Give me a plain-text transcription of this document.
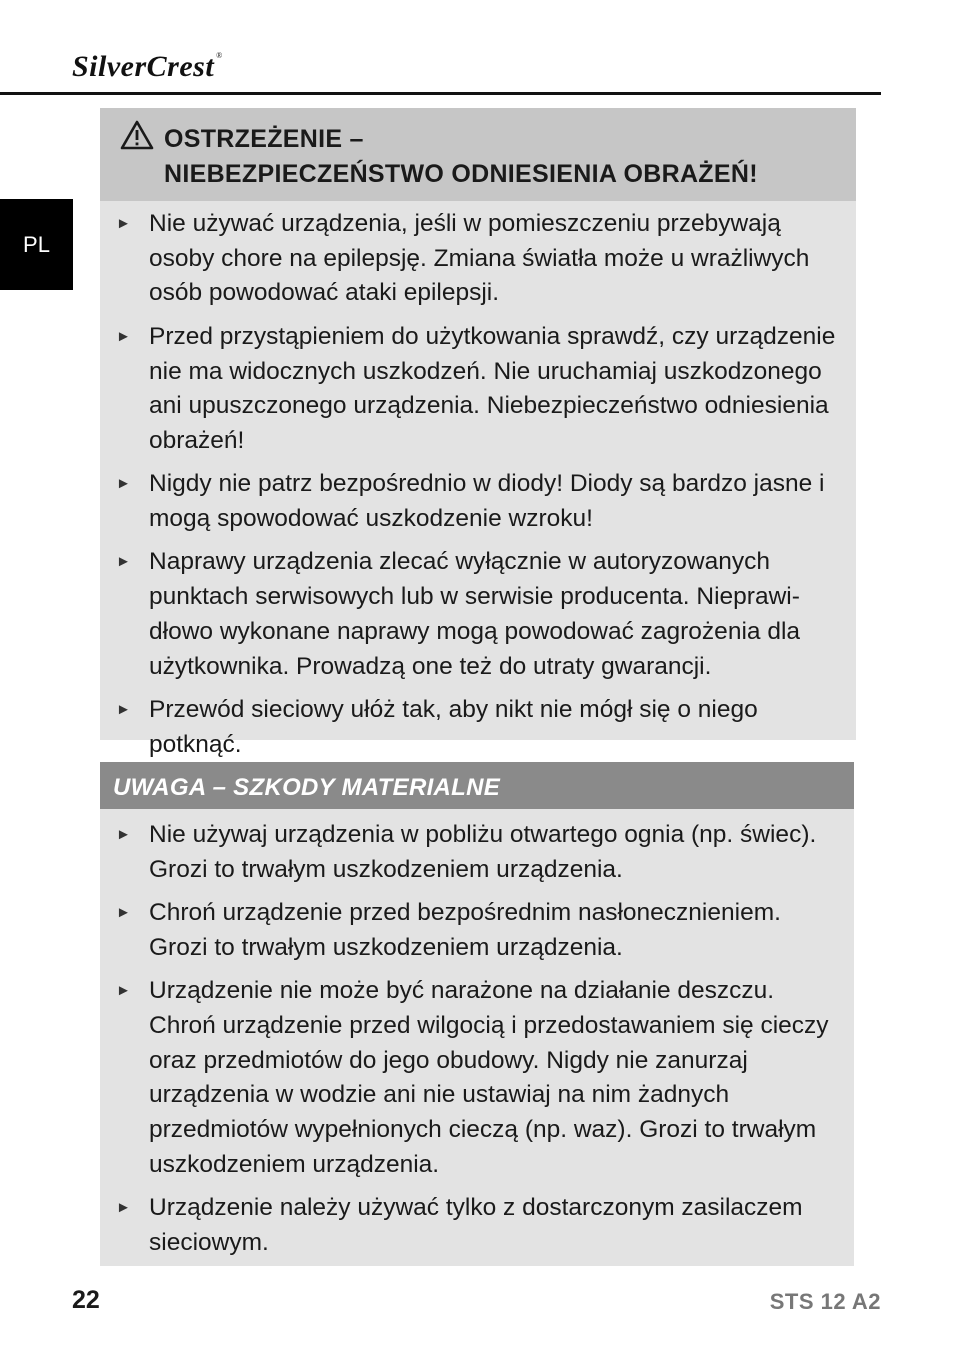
SilverCrest ®
PL
OSTRZEŻENIE –
NIEBEZPIECZEŃSTWO ODNIESIENIA OBRAŻEŃ!
► Nie używać urządzenia, jeśli w pomieszczeniu przebywają osoby chore na epilepsję. Zmiana światła może u wrażliwych osób powodować ataki epilepsji.
► Przed przystąpieniem do użytkowania sprawdź, czy urządzenie nie ma widocznych uszkodzeń. Nie uruchamiaj uszkodzonego ani upuszczonego urządzenia. Niebezpieczeństwo odniesienia obrażeń!
► Nigdy nie patrz bezpośrednio w diody! Diody są bardzo jasne i mogą spowodować uszkodzenie wzroku!
► Naprawy urządzenia zlecać wyłącznie w autoryzowanych punktach serwisowych lub w serwisie producenta. Nieprawidłowo wykonane naprawy mogą powodować zagrożenia dla użytkownika. Prowadzą one też do utraty gwarancji.
► Przewód sieciowy ułóż tak, aby nikt nie mógł się o niego potknąć.
UWAGA – SZKODY MATERIALNE
► Nie używaj urządzenia w pobliżu otwartego ognia (np. świec). Grozi to trwałym uszkodzeniem urządzenia.
► Chroń urządzenie przed bezpośrednim nasłonecznieniem. Grozi to trwałym uszkodzeniem urządzenia.
► Urządzenie nie może być narażone na działanie deszczu. Chroń urządzenie przed wilgocią i przedostawaniem się cieczy oraz przedmiotów do jego obudowy. Nigdy nie zanurzaj urządzenia w wodzie ani nie ustawiaj na nim żadnych przedmiotów wypełnionych cieczą (np. waz). Grozi to trwałym uszkodzeniem urządzenia.
► Urządzenie należy używać tylko z dostarczonym zasilaczem sieciowym.
22	STS 12 A2
